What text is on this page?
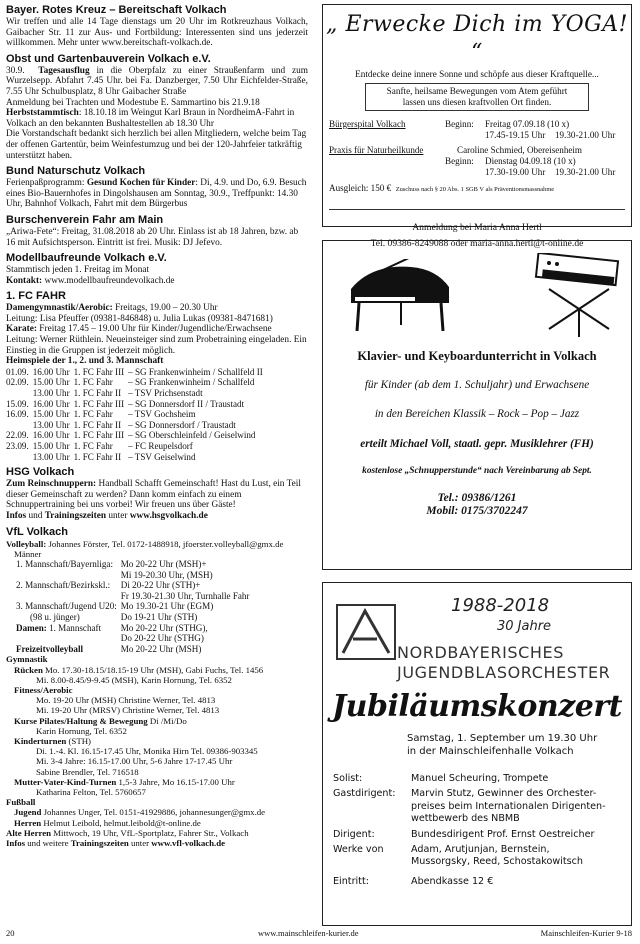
Bayer. Rotes Kreuz – Bereitschaft Volkach

Wir treffen und alle 14 Tage dienstags um 20 Uhr im Rotkreuzhaus Volkach, Gaibacher Str. 11 zur Aus- und Fortbildung: Interessenten sind uns jederzeit willkommen. Mehr unter www.bereitschaft-volkach.de.

Obst und Gartenbauverein Volkach e.V.

30.9. Tagesausflug in die Oberpfalz zu einer Straußenfarm und zum Wurzelsepp. Abfahrt 7.45 Uhr. bei Fa. Danzberger, 7.50 Uhr Eichfelder-Straße, 7.55 Uhr Schulbusplatz, 8 Uhr Gaibacher Straße

Anmeldung bei Trachten und Modestube E. Sammartino bis 21.9.18

Herbststammtisch: 18.10.18 im Weingut Karl Braun in NordheimA-Fahrt in Volkach an den bekannten Bushaltestellen ab 18.30 Uhr

Die Vorstandschaft bedankt sich herzlich bei allen Mitgliedern, welche beim Tag der offenen Gartentür, beim Weinfestumzug und bei der 120-Jahrfeier tatkräftig unterstützt haben.

Bund Naturschutz Volkach

Ferienpaßprogramm: Gesund Kochen für Kinder: Di, 4.9. und Do, 6.9. Besuch eines Bio-Bauernhofes in Dingolshausen am Sonntag, 30.9., Treffpunkt: 14.30 Uhr, Bahnhof Volkach, Fahrt mit dem Bürgerbus

Burschenverein Fahr am Main

„Ariwa-Fete“: Freitag, 31.08.2018 ab 20 Uhr. Einlass ist ab 18 Jahren, bzw. ab 16 mit Aufsichtsperson. Eintritt ist frei. Musik: DJ Jefevo.

Modellbaufreunde Volkach e.V.

Stammtisch jeden 1. Freitag im Monat

Kontakt: www.modellbaufreundevolkach.de

1. FC FAHR

Damengymnastik/Aerobic: Freitags, 19.00 – 20.30 Uhr

Leitung: Lisa Pfeuffer (09381-846848) u. Julia Lukas (09381-8471681)

Karate: Freitag 17.45 – 19.00 Uhr für Kinder/Jugendliche/Erwachsene

Leitung: Werner Rüthlein. Neueinsteiger sind zum Probetraining eingeladen. Ein Einstieg in die Gruppen ist jederzeit möglich.

Heimspiele der 1., 2. und 3. Mannschaft

01.09.	16.00 Uhr	1. FC Fahr III	– SG Frankenwinheim / Schallfeld II
02.09.	15.00 Uhr	1. FC Fahr	– SG Frankenwinheim / Schallfeld
	13.00 Uhr	1. FC Fahr II	– TSV Prichsenstadt
15.09.	16.00 Uhr	1. FC Fahr III	– SG Donnersdorf II / Traustadt
16.09.	15.00 Uhr	1. FC Fahr	– TSV Gochsheim
	13.00 Uhr	1. FC Fahr II	– SG Donnersdorf / Traustadt
22.09.	16.00 Uhr	1. FC Fahr III	– SG Oberschleinfeld / Geiselwind
23.09.	15.00 Uhr	1. FC Fahr	– FC Reupelsdorf
	13.00 Uhr	1. FC Fahr II	– TSV Geiselwind
HSG Volkach

Zum Reinschnuppern: Handball Schafft Gemeinschaft! Hast du Lust, ein Teil dieser Gemeinschaft zu werden? Dann komm einfach zu einem Schnuppertraining bei uns vorbei! Wir freuen uns über Gäste!

Infos und Trainingszeiten unter www.hsgvolkach.de

VfL Volkach

Volleyball: Johannes Förster, Tel. 0172-1488918, jfoerster.volleyball@gmx.de

Männer

1. Mannschaft/Bayernliga:	Mo 20-22 Uhr (MSH)+
	Mi 19-20.30 Uhr, (MSH)
2. Mannschaft/Bezirkskl.:	Di 20-22 Uhr (STH)+
	Fr 19.30-21.30 Uhr, Turnhalle Fahr
3. Mannschaft/Jugend U20:	Mo 19.30-21 Uhr (EGM)
(98 u. jünger)	Do 19-21 Uhr (STH)
Damen: 1. Mannschaft	Mo 20-22 Uhr (STHG),
	Do 20-22 Uhr (STHG)
Freizeitvolleyball	Mo 20-22 Uhr (MSH)

Gymnastik

Rücken Mo. 17.30-18.15/18.15-19 Uhr (MSH), Gabi Fuchs, Tel. 1456

Mi. 8.00-8.45/9-9.45 (MSH), Karin Hornung, Tel. 6352

Fitness/Aerobic

Mo. 19-20 Uhr (MSH) Christine Werner, Tel. 4813

Mi. 19-20 Uhr (MRSV) Christine Werner, Tel. 4813

Kurse Pilates/Haltung & Bewegung Di /Mi/Do

Karin Hornung, Tel. 6352

Kinderturnen (STH)

Di. 1.-4. Kl. 16.15-17.45 Uhr, Monika Hirn Tel. 09386-903345

Mi. 3-4 Jahre: 16.15-17.00 Uhr, 5-6 Jahre 17-17.45 Uhr

Sabine Brendler, Tel. 716518

Mutter-Vater-Kind-Turnen 1,5-3 Jahre, Mo 16.15-17.00 Uhr

Katharina Felton, Tel. 5760657

Fußball

Jugend Johannes Unger, Tel. 0151-41929886, johannesunger@gmx.de

Herren Helmut Leibold, helmut.leibold@t-online.de

Alte Herren Mittwoch, 19 Uhr, VfL-Sportplatz, Fahrer Str., Volkach

Infos und weitere Trainingszeiten unter www.vfl-volkach.de

„ Erwecke Dich im YOGA! “
Entdecke deine innere Sonne und schöpfe aus dieser Kraftquelle...
Sanfte, heilsame Bewegungen vom Atem geführt
lassen uns diesen kraftvollen Ort finden.
Bürgerspital Volkach	Beginn: Freitag 07.09.18 (10 x)
17.45-19.15 Uhr 19.30-21.00 Uhr
Praxis für Naturheilkunde	Caroline Schmied, Obereisenheim
Beginn: Dienstag 04.09.18 (10 x)
17.30-19.00 Uhr 19.30-21.00 Uhr
Ausgleich: 150 € Zuschuss nach § 20 Abs. 1 SGB V als Präventionsmassnahme
Anmeldung bei Maria Anna Hertl
Tel. 09386-8249088 oder maria-anna.hertl@t-online.de
Klavier- und Keyboardunterricht in Volkach
für Kinder (ab dem 1. Schuljahr) und Erwachsene
in den Bereichen Klassik – Rock – Pop – Jazz
erteilt Michael Voll, staatl. gepr. Musiklehrer (FH)
kostenlose „Schnupperstunde“ nach Vereinbarung ab Sept.
Tel.: 09386/1261
Mobil: 0175/3702247
1988-2018
30 Jahre
NORDBAYERISCHES
JUGENDBLASORCHESTER
Jubiläumskonzert
Samstag, 1. September um 19.30 Uhr
in der Mainschleifenhalle Volkach
Solist:	Manuel Scheuring, Trompete
Gastdirigent:	Marvin Stutz, Gewinner des Orchester-
preises beim Internationalen Dirigenten-
wettbewerb des NBMB
Dirigent:	Bundesdirigent Prof. Ernst Oestreicher
Werke von	Adam, Arutjunjan, Bernstein,
Mussorgsky, Reed, Schostakowitsch
Eintritt:	Abendkasse 12 €
20	www.mainschleifen-kurier.de	Mainschleifen-Kurier 9-18
